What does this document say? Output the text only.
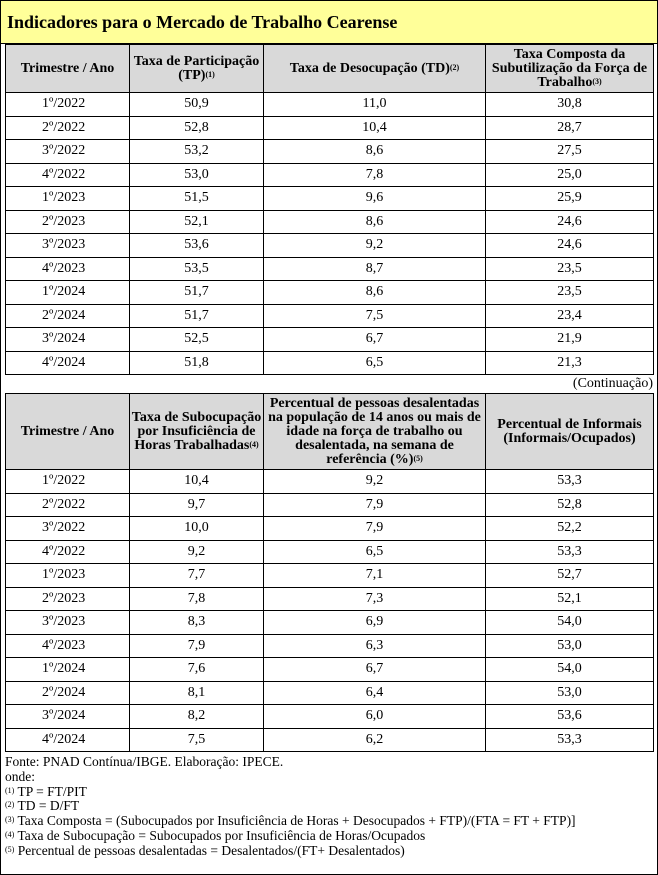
Indicadores para o Mercado de Trabalho Cearense
Trimestre / Ano	Taxa de Participação (TP)$^{(1)}$	Taxa de Desocupação (TD)$^{(2)}$	Taxa Composta da Subutilização da Força de Trabalho$^{(3)}$
1º/2022	50,9	11,0	30,8
2º/2022	52,8	10,4	28,7
3º/2022	53,2	8,6	27,5
4º/2022	53,0	7,8	25,0
1º/2023	51,5	9,6	25,9
2º/2023	52,1	8,6	24,6
3º/2023	53,6	9,2	24,6
4º/2023	53,5	8,7	23,5
1º/2024	51,7	8,6	23,5
2º/2024	51,7	7,5	23,4
3º/2024	52,5	6,7	21,9
4º/2024	51,8	6,5	21,3
(Continuação)
Trimestre / Ano	Taxa de Subocupação por Insuficiência de Horas Trabalhadas$^{(4)}$	Percentual de pessoas desalentadas na população de 14 anos ou mais de idade na força de trabalho ou desalentada, na semana de referência (%)$^{(5)}$	Percentual de Informais (Informais/Ocupados)
1º/2022	10,4	9,2	53,3
2º/2022	9,7	7,9	52,8
3º/2022	10,0	7,9	52,2
4º/2022	9,2	6,5	53,3
1º/2023	7,7	7,1	52,7
2º/2023	7,8	7,3	52,1
3º/2023	8,3	6,9	54,0
4º/2023	7,9	6,3	53,0
1º/2024	7,6	6,7	54,0
2º/2024	8,1	6,4	53,0
3º/2024	8,2	6,0	53,6
4º/2024	7,5	6,2	53,3
Fonte: PNAD Contínua/IBGE. Elaboração: IPECE.
onde:
$^{(1)}$ TP = FT/PIT
$^{(2)}$ TD = D/FT
$^{(3)}$ Taxa Composta = (Subocupados por Insuficiência de Horas + Desocupados + FTP)/(FTA = FT + FTP)]
$^{(4)}$ Taxa de Subocupação = Subocupados por Insuficiência de Horas/Ocupados
$^{(5)}$ Percentual de pessoas desalentadas = Desalentados/(FT+ Desalentados)
